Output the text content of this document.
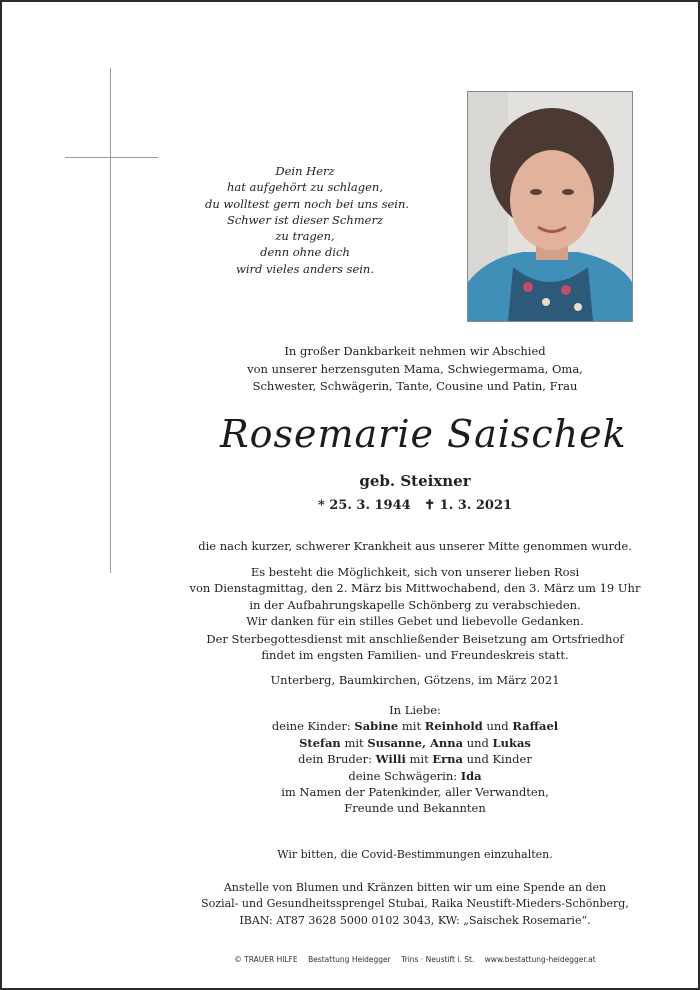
Dein Herz
hat aufgehört zu schlagen,
du wolltest gern noch bei uns sein.
Schwer ist dieser Schmerz
zu tragen,
denn ohne dich
wird vieles anders sein.
In großer Dankbarkeit nehmen wir Abschied
von unserer herzensguten Mama, Schwiegermama, Oma,
Schwester, Schwägerin, Tante, Cousine und Patin, Frau
Rosemarie Saischek
geb. Steixner
* 25. 3. 1944 ✝ 1. 3. 2021
die nach kurzer, schwerer Krankheit aus unserer Mitte genommen wurde.
Es besteht die Möglichkeit, sich von unserer lieben Rosi
von Dienstagmittag, den 2. März bis Mittwochabend, den 3. März um 19 Uhr
in der Aufbahrungskapelle Schönberg zu verabschieden.
Wir danken für ein stilles Gebet und liebevolle Gedanken.
Der Sterbegottesdienst mit anschließender Beisetzung am Ortsfriedhof
findet im engsten Familien- und Freundeskreis statt.
Unterberg, Baumkirchen, Götzens, im März 2021
In Liebe:
deine Kinder: Sabine mit Reinhold und Raffael
Stefan mit Susanne, Anna und Lukas
dein Bruder: Willi mit Erna und Kinder
deine Schwägerin: Ida
im Namen der Patenkinder, aller Verwandten,
Freunde und Bekannten
Wir bitten, die Covid-Bestimmungen einzuhalten.
Anstelle von Blumen und Kränzen bitten wir um eine Spende an den
Sozial- und Gesundheitssprengel Stubai, Raika Neustift-Mieders-Schönberg,
IBAN: AT87 3628 5000 0102 3043, KW: „Saischek Rosemarie“.
© TRAUER HILFE Bestattung Heidegger Trins · Neustift i. St. www.bestattung-heidegger.at
